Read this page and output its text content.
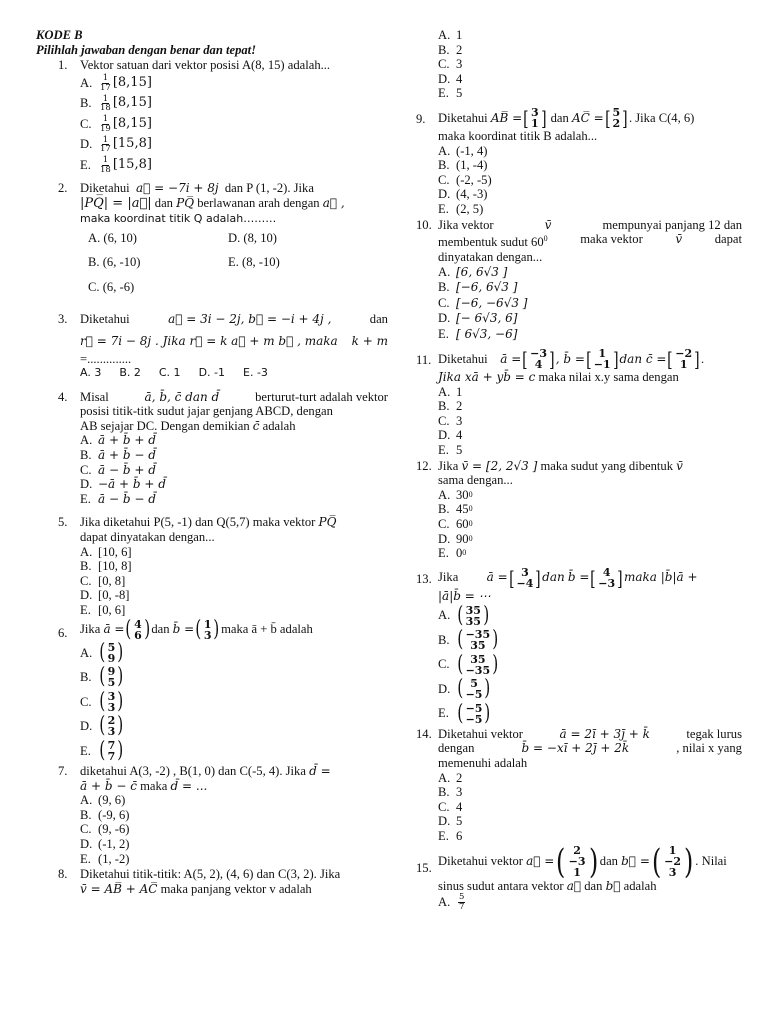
KODE B
Pilihlah jawaban dengan benar dan tepat!
1. Vektor satuan dari vektor posisi A(8, 15) adalah...
A. $\frac{1}{17} [8,15]$
B. $\frac{1}{18} [8,15]$
C. $\frac{1}{19} [8,15]$
D. $\frac{1}{17} [15,8]$
E.	$\frac{1}{18} [15,8]$
2. Diketahui a⃗ = −7i + 8j dan P (1, -2). Jika
|PQ̅| = |a⃗| dan PQ̅ berlawanan arah dengan a⃗ ,
maka koordinat titik Q adalah………
A. (6, 10)	D. (8, 10)
B. (6, -10)	E. (8, -10)
C. (6, -6)
3. Diketahui	a⃗ = 3i − 2j, b⃗ = −i + 4j ,	dan
r⃗ = 7i − 8j . Jika r⃗ = k a⃗ + m b⃗ , maka k + m
=..............
A. 3 B. 2 C. 1 D. -1 E. -3
4. Misal	ā, b̄, c̄ dan d̄	berturut-turt adalah vektor
posisi titik-titk sudut jajar genjang ABCD, dengan
AB sejajar DC. Dengan demikian c̄ adalah
A. ā + b̄ + d̄
B. ā + b̄ − d̄
C. ā − b̄ + d̄
D. −ā + b̄ + d̄
E. ā − b̄ − d̄
5. Jika diketahui P(5, -1) dan Q(5,7) maka vektor PQ̅
dapat dinyatakan dengan...
A. [10, 6]
B. [10, 8]
C. [0, 8]
D. [0, -8]
E. [0, 6]
6. Jika
ā = ( 4
6 ) dan
b̄ = ( 1
3 ) maka ā + b̄ adalah
A. ( 5
9 )
B. ( 9
5 )
C. ( 3
3 )
D. ( 2
3 )
E. ( 7
7 )
7. diketahui A(3, -2) , B(1, 0) dan C(-5, 4). Jika d̄ =
ā + b̄ − c̄ maka d̄ = ...
A. (9, 6)
B. (-9, 6)
C. (9, -6)
D. (-1, 2)
E. (1, -2)
8. Diketahui titik-titik: A(5, 2), (4, 6) dan C(3, 2). Jika
v̄ = AB̅ + AC̅ maka panjang vektor v adalah
A. 1
B. 2
C. 3
D. 4
E. 5
9. Diketahui
AB̅ = [ 3
1 ]
dan
AC̅ = [ 5
2 ] . Jika C(4, 6)
maka koordinat titik B adalah...
A. (-1, 4)
B. (1, -4)
C. (-2, -5)
D. (4, -3)
E. (2, 5)
10. Jika vektor	v̄	mempunyai panjang 12 dan
membentuk sudut $60^0$	maka vektor	v̄	dapat
dinyatakan dengan...
A. [6, 6√3 ]
B. [−6, 6√3 ]
C. [−6, −6√3 ]
D. [− 6√3, 6]
E. [ 6√3, −6]
11. Diketahui
ā = [ −3
4 ] , b̄ = [ 1
−1 ] dan c̄ = [ −2
1 ] .
Jika xā + yb̄ = c maka nilai x.y sama dengan
A. 1
B. 2
C. 3
D. 4
E. 5
12. Jika v̄ = [2, 2√3 ] maka sudut yang dibentuk v̄
sama dengan...
A. 30 0
B. 45 0
C. 60 0
D. 90 0
E. 0 0
13. Jika
ā = [ 3
−4 ] dan
b̄ = [ 4
−3 ] maka |b̄|ā +
|ā|b̄ = ⋯
A. ( 35
35 )
B. ( −35
35 )
C. ( 35
−35 )
D. ( 5
−5 )
E. ( −5
−5 )
14. Diketahui vektor	ā = 2ī + 3j̄ + k̄	tegak lurus
dengan	b̄ = −xī + 2j̄ + 2k̄	, nilai x yang
memenuhi adalah
A. 2
B. 3
C. 4
D. 5
E. 6
15. Diketahui vektor
a⃗ = ( 2
−3
1 ) dan
b⃗ = ( 1
−2
3 ) . Nilai
sinus sudut antara vektor a⃗ dan b⃗ adalah
A. $\frac{5}{7}$
